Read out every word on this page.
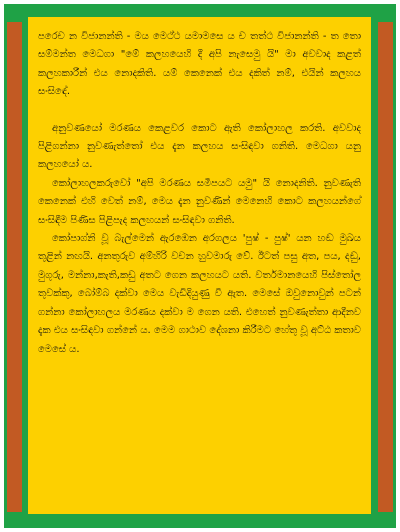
පරෙච න විජානන්ති - මය මෙථ්ථ යමාමසෙ ය ච තත්ථ විජානන්ති - ත තො සම්මන්ත මෙධගා "මේ කලහයෙහි දී අපි නැසෙමු යි" මා අවවාද කළත් කලහකාරීන් එය නොදකිති. යම් කෙනෙක් එය දකිත් නම්, එයින් කලහය සංසිඳේ.

අනුවණයෝ මරණය කෙළවර කොට ඇති කෝලාහල කරති. අවවාද පිළිගන්නා නුවණැත්තෝ එය දැන කලහය සංසිඳවා ගනිති. මෙධගා යනු කලහයෝ ය.

කෝලාහලකරුවෝ "අපි මරණය සමීපයට යමු" යි නොදනිති. නුවණැති කෙනෙක් එහි වෙත් නම්, මෙය දැන නුවණින් මෙනෙහි කොට කලහයන්ගේ සංසිඳීම පිණිස පිළිපැද කලහයන් සංසිඳවා ගනිති.

කෝපාග්නි වූ බැල්මෙන් ඇරඹෙන අරගලය 'පුෂ් - පුෂ්' යන හඬ මුඛය තුළින් නඟයි. අනතුරුව අම්හිරි වචන හුවමාරු වේ. ඊටත් පසු අත, පය, දඬු, මුගුරු, මන්නා,කැති,කඩු අතට ගෙන කලහයට යති. වර්තමානයෙහි පිස්තෝල තුවක්කු, බෝම්බ දක්වා මෙය වැඩිදියුණු වී ඇත. මෙසේ ඔවුනොවුන් පටන් ගන්නා කෝලාහලය මරණය දක්වා ම ගෙන යති. එහෙත් නුවණැත්තා ආදීනව දැක එය සංසිඳවා ගන්නේ ය. මෙම ගාථාව දේශනා කිරීමට හේතු වූ අට්ඨ කතාව මෙසේ ය.
